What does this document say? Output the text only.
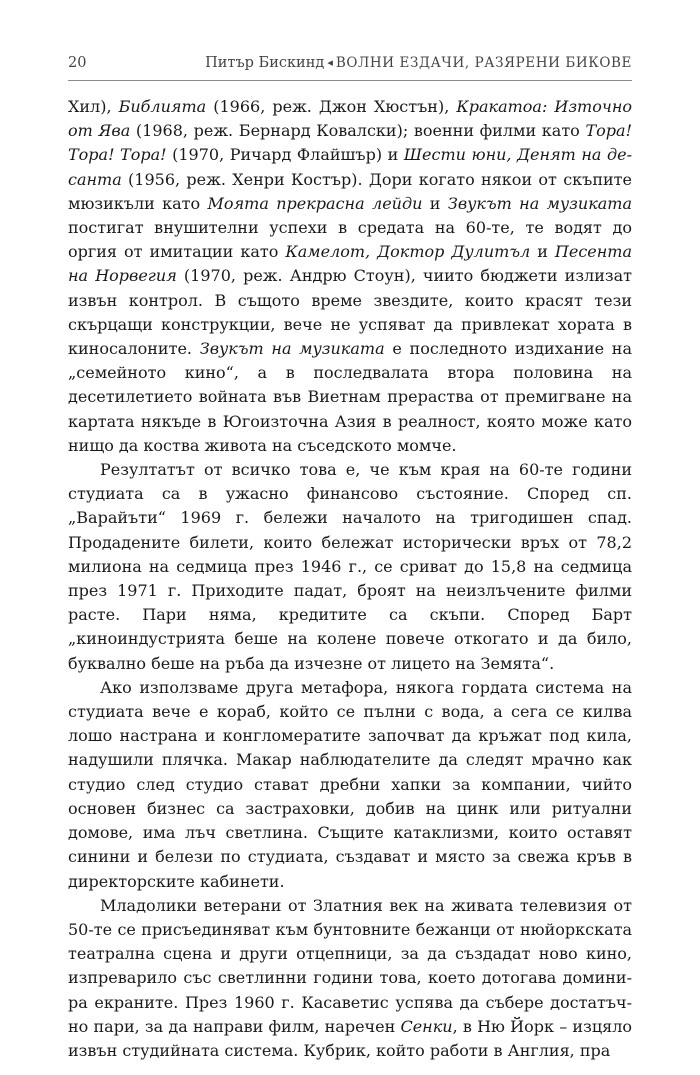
20	Питър Бискинд ◂ ВОЛНИ ЕЗДАЧИ, РАЗЯРЕНИ БИКОВЕ

Хил), Библията (1966, реж. Джон Хюстън), Кракатоа: Източно от Ява (1968, реж. Бернард Ковалски); военни филми като Тора! Тора! Тора! (1970, Ричард Флайшър) и Шести юни, Денят на десанта (1956, реж. Хенри Костър). Дори когато някои от скъпите мюзикъли като Моята прекрасна лейди и Звукът на музиката постигат внушителни успехи в средата на 60-те, те водят до оргия от имитации като Камелот, Доктор Дулитъл и Песента на Норвегия (1970, реж. Андрю Стоун), чиито бюджети излизат извън контрол. В същото време звездите, които красят тези скърцащи конструкции, вече не успяват да привлекат хората в киносалоните. Звукът на музиката е последното издихание на „семейното кино“, а в последвалата втора половина на десетилетието войната във Виетнам прераства от премигване на картата някъде в Югоизточна Азия в реалност, която може като нищо да коства живота на съседското момче.

Резултатът от всичко това е, че към края на 60-те години студиата са в ужасно финансово състояние. Според сп. „Варайъти“ 1969 г. бележи началото на тригодишен спад. Продадените билети, които бележат исторически връх от 78,2 милиона на седмица през 1946 г., се сриват до 15,8 на седмица през 1971 г. Приходите падат, броят на неизлъчените филми расте. Пари няма, кредитите са скъпи. Според Барт „киноиндустрията беше на колене повече откогато и да било, буквално беше на ръба да изчезне от лицето на Земята“.

Ако използваме друга метафора, някога гордата система на студиата вече е кораб, който се пълни с вода, а сега се килва лошо настрана и конгломератите започват да кръжат под кила, надушили плячка. Макар наблюдателите да следят мрачно как студио след студио стават дребни хапки за компании, чийто основен бизнес са застраховки, добив на цинк или ритуални домове, има лъч светлина. Същите катаклизми, които оставят синини и белези по студиата, създават и място за свежа кръв в директорските кабинети.

Младолики ветерани от Златния век на живата телевизия от 50-те се присъединяват към бунтовните бежанци от нюйоркската театрална сцена и други отцепници, за да създадат ново кино, изпреварило със светлинни години това, което дотогава доминира екраните. През 1960 г. Касаветис успява да събере достатъчно пари, за да направи филм, наречен Сенки, в Ню Йорк – изцяло извън студийната система. Кубрик, който работи в Англия, пра
